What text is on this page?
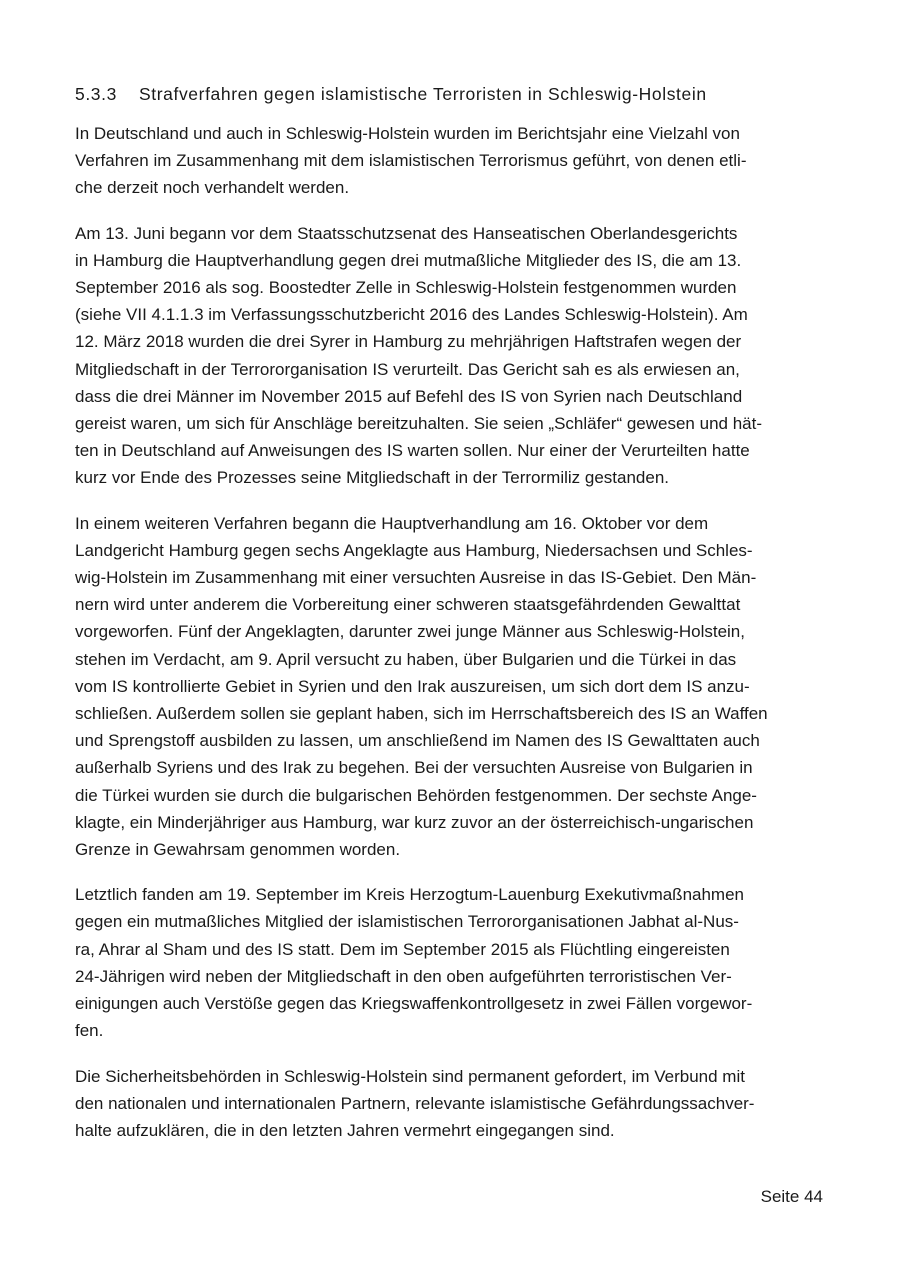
5.3.3 Strafverfahren gegen islamistische Terroristen in Schleswig-Holstein

In Deutschland und auch in Schleswig-Holstein wurden im Berichtsjahr eine Vielzahl von
Verfahren im Zusammenhang mit dem islamistischen Terrorismus geführt, von denen etli-
che derzeit noch verhandelt werden.

Am 13. Juni begann vor dem Staatsschutzsenat des Hanseatischen Oberlandesgerichts
in Hamburg die Hauptverhandlung gegen drei mutmaßliche Mitglieder des IS, die am 13.
September 2016 als sog. Boostedter Zelle in Schleswig-Holstein festgenommen wurden
(siehe VII 4.1.1.3 im Verfassungsschutzbericht 2016 des Landes Schleswig-Holstein). Am
12. März 2018 wurden die drei Syrer in Hamburg zu mehrjährigen Haftstrafen wegen der
Mitgliedschaft in der Terrororganisation IS verurteilt. Das Gericht sah es als erwiesen an,
dass die drei Männer im November 2015 auf Befehl des IS von Syrien nach Deutschland
gereist waren, um sich für Anschläge bereitzuhalten. Sie seien „Schläfer“ gewesen und hät-
ten in Deutschland auf Anweisungen des IS warten sollen. Nur einer der Verurteilten hatte
kurz vor Ende des Prozesses seine Mitgliedschaft in der Terrormiliz gestanden.

In einem weiteren Verfahren begann die Hauptverhandlung am 16. Oktober vor dem
Landgericht Hamburg gegen sechs Angeklagte aus Hamburg, Niedersachsen und Schles-
wig-Holstein im Zusammenhang mit einer versuchten Ausreise in das IS-Gebiet. Den Män-
nern wird unter anderem die Vorbereitung einer schweren staatsgefährdenden Gewalttat
vorgeworfen. Fünf der Angeklagten, darunter zwei junge Männer aus Schleswig-Holstein,
stehen im Verdacht, am 9. April versucht zu haben, über Bulgarien und die Türkei in das
vom IS kontrollierte Gebiet in Syrien und den Irak auszureisen, um sich dort dem IS anzu-
schließen. Außerdem sollen sie geplant haben, sich im Herrschaftsbereich des IS an Waffen
und Sprengstoff ausbilden zu lassen, um anschließend im Namen des IS Gewalttaten auch
außerhalb Syriens und des Irak zu begehen. Bei der versuchten Ausreise von Bulgarien in
die Türkei wurden sie durch die bulgarischen Behörden festgenommen. Der sechste Ange-
klagte, ein Minderjähriger aus Hamburg, war kurz zuvor an der österreichisch-ungarischen
Grenze in Gewahrsam genommen worden.

Letztlich fanden am 19. September im Kreis Herzogtum-Lauenburg Exekutivmaßnahmen
gegen ein mutmaßliches Mitglied der islamistischen Terrororganisationen Jabhat al-Nus-
ra, Ahrar al Sham und des IS statt. Dem im September 2015 als Flüchtling eingereisten
24-Jährigen wird neben der Mitgliedschaft in den oben aufgeführten terroristischen Ver-
einigungen auch Verstöße gegen das Kriegswaffenkontrollgesetz in zwei Fällen vorgewor-
fen.

Die Sicherheitsbehörden in Schleswig-Holstein sind permanent gefordert, im Verbund mit
den nationalen und internationalen Partnern, relevante islamistische Gefährdungssachver-
halte aufzuklären, die in den letzten Jahren vermehrt eingegangen sind.

Seite 44
